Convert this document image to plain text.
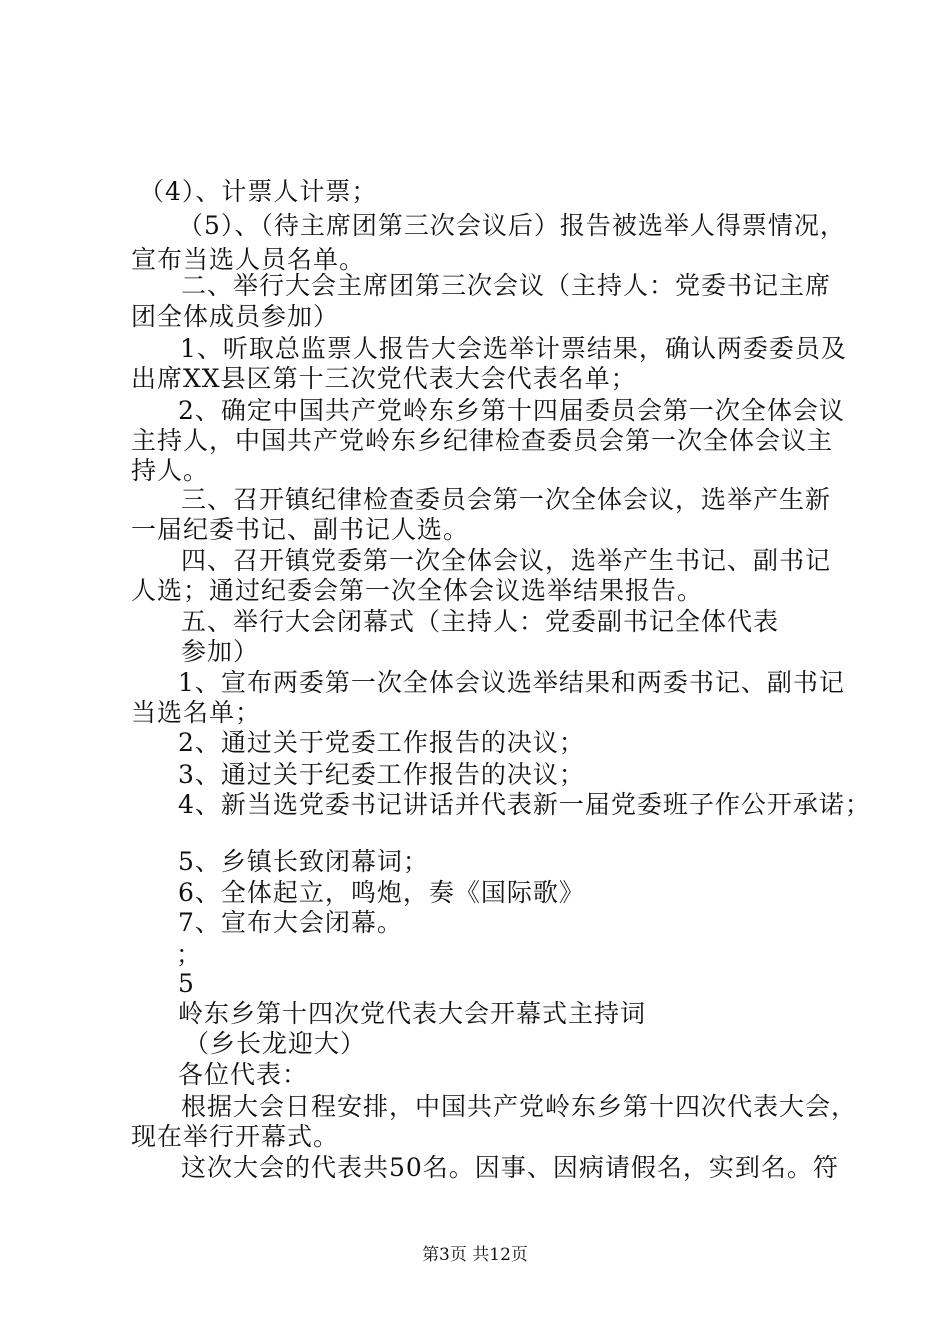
（4）、计票人计票；
（5）、（待主席团第三次会议后）报告被选举人得票情况，
宣布当选人员名单。
二、举行大会主席团第三次会议（主持人：党委书记主席
团全体成员参加）
1、听取总监票人报告大会选举计票结果，确认两委委员及
出席XX县区第十三次党代表大会代表名单；
2、确定中国共产党岭东乡第十四届委员会第一次全体会议
主持人，中国共产党岭东乡纪律检查委员会第一次全体会议主
持人。
三、召开镇纪律检查委员会第一次全体会议，选举产生新
一届纪委书记、副书记人选。
四、召开镇党委第一次全体会议，选举产生书记、副书记
人选；通过纪委会第一次全体会议选举结果报告。
五、举行大会闭幕式（主持人：党委副书记全体代表
参加）
1、宣布两委第一次全体会议选举结果和两委书记、副书记
当选名单；
2、通过关于党委工作报告的决议；
3、通过关于纪委工作报告的决议；
4、新当选党委书记讲话并代表新一届党委班子作公开承诺；
5、乡镇长致闭幕词；
6、全体起立，鸣炮，奏《国际歌》
7、宣布大会闭幕。
；
5
岭东乡第十四次党代表大会开幕式主持词
（乡长龙迎大）
各位代表：
根据大会日程安排，中国共产党岭东乡第十四次代表大会，
现在举行开幕式。
这次大会的代表共50名。因事、因病请假名，实到名。符
第3页 共12页
